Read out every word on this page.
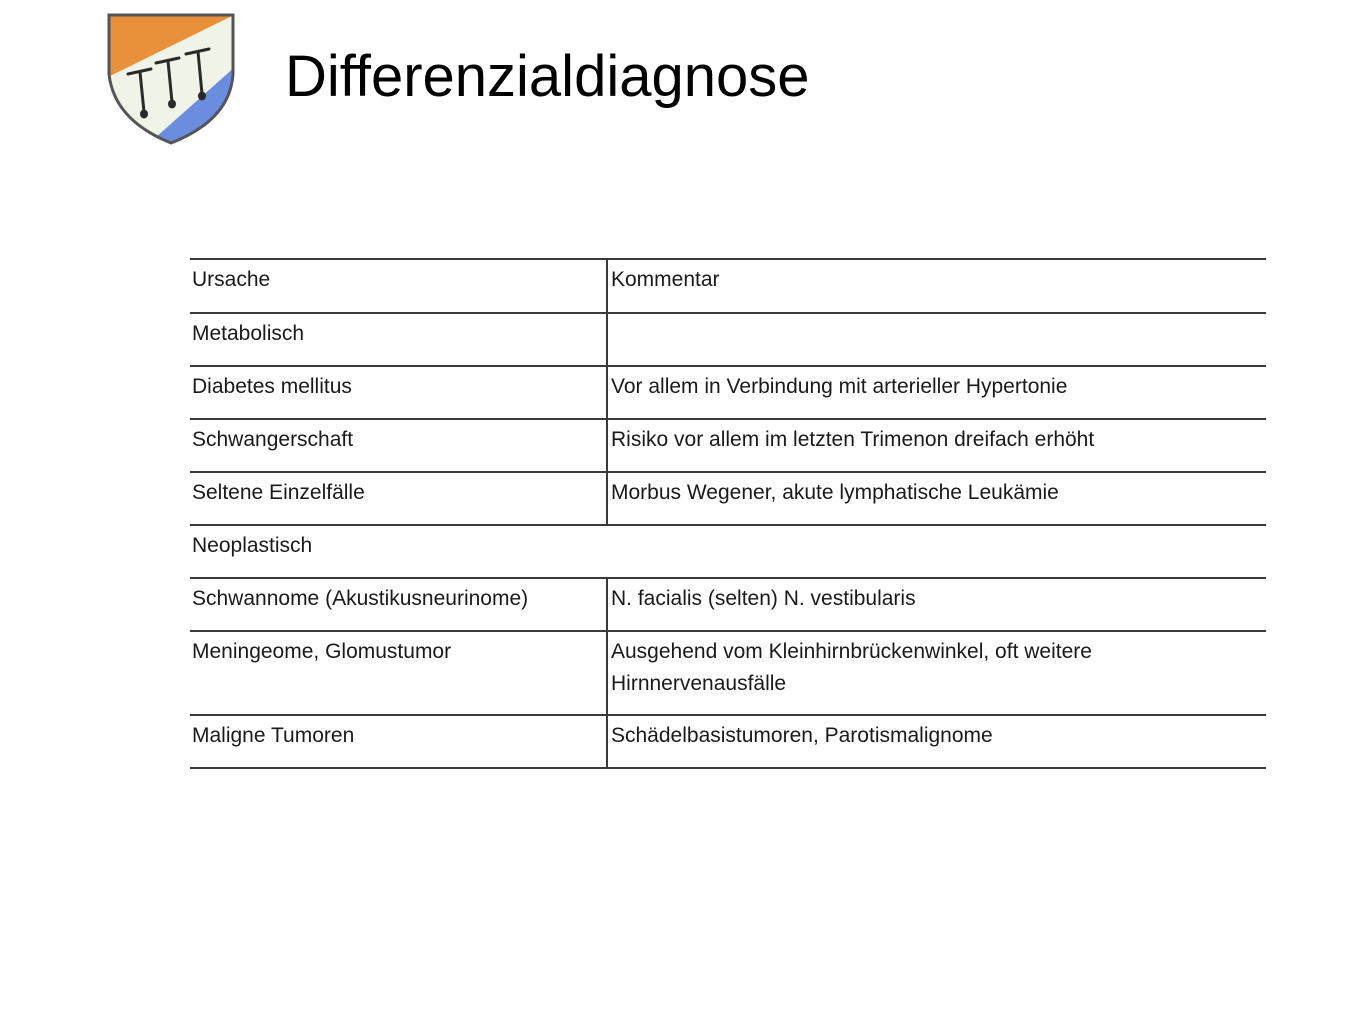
Differenzialdiagnose
Ursache	Kommentar
Metabolisch	
Diabetes mellitus	Vor allem in Verbindung mit arterieller Hypertonie
Schwangerschaft	Risiko vor allem im letzten Trimenon dreifach erhöht
Seltene Einzelfälle	Morbus Wegener, akute lymphatische Leukämie
Neoplastisch	
Schwannome (Akustikusneurinome)	N. facialis (selten) N. vestibularis
Meningeome, Glomustumor	Ausgehend vom Kleinhirnbrückenwinkel, oft weitere
Hirnnervenausfälle

Maligne Tumoren	Schädelbasistumoren, Parotismalignome
